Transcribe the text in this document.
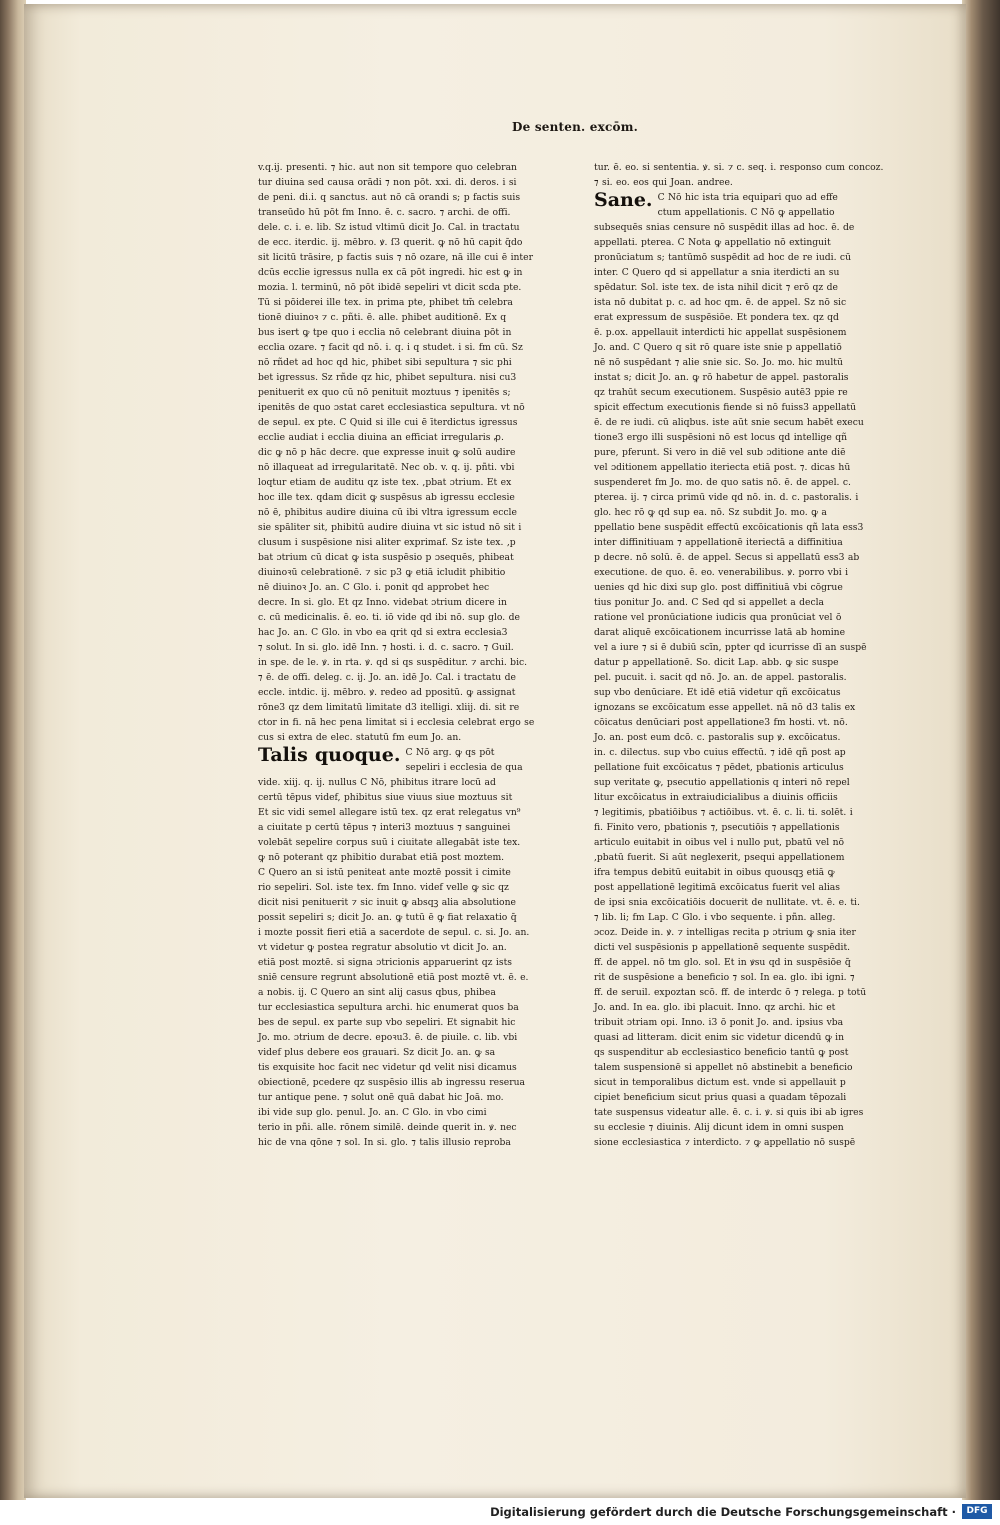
De senten. excōm.
v.q.ij. presenti. ⁊ hic. aut non sit tempore quo celebran
tur diuina sed causa orādi ⁊ non pōt. xxi. di. deros. i si
de peni. di.i. q sanctus. aut nō cā orandi s; p factis suis
transeūdo hū pōt fm Inno. ē. c. sacro. ⁊ archi. de offi.
dele. c. i. e. lib. Sz istud vltimū dicit Jo. Cal. in tractatu
de ecc. iterdic. ij. mēbro. ꝟ. ſ3 querit. ꝙ nō hū capit q̄do
sit licitū trāsire, p factis suis ⁊ nō ozare, nā ille cui ē inter
dcūs ecclie igressus nulla ex cā pōt ingredi. hic est ꝙ in
mozia. l. terminū, nō pōt ibidē sepeliri vt dicit scda pte.
Tū si pōiderei ille tex. in prima pte, phibet tm̄ celebra
tionē diuinoꝛ ⁊ c. pñti. ē. alle. phibet auditionē. Ex q
bus isert ꝙ tpe quo i ecclia nō celebrant diuina pōt in
ecclia ozare. ⁊ facit qd nō. i. q. i q studet. i si. fm cū. Sz
nō rñdet ad hoc qd hic, phibet sibi sepultura ⁊ sic phi
bet igressus. Sz rñde qz hic, phibet sepultura. nisi cu3
penituerit ex quo cū nō penituit moztuus ⁊ ipenitēs s;
ipenitēs de quo ɔstat caret ecclesiastica sepultura. vt nō
de sepul. ex pte. C Quid si ille cui ē īterdictus igressus
ecclie audiat i ecclia diuina an efficiat irregularis ꝓ.
dic ꝙ nō p hāc decre. que expresse inuit ꝙ solū audire
nō illaqueat ad irregularitatē. Nec ob. v. q. ij. pñti. vbi
loqtur etiam de auditu qz iste tex. ,pbat ɔtrium. Et ex
hoc ille tex. qdam dicit ꝙ suspēsus ab igressu ecclesie
nō ē, phibitus audire diuina cū ibi vltra igressum eccle
sie spāliter sit, phibitū audire diuina vt sic istud nō sit i
clusum i suspēsione nisi aliter exprimaf. Sz iste tex. ,p
bat ɔtrium cū dicat ꝙ ista suspēsio p ɔsequēs, phibeat
diuinoꝛū celebrationē. ⁊ sic p3 ꝙ etiā icludit phibitio
nē diuinoꝛ Jo. an. C Glo. i. ponit qd approbet hec
decre. In si. glo. Et qz Inno. videbat ɔtrium dicere in
c. cū medicinalis. ē. eo. ti. iō vide qd ibi nō. sup glo. de
hac Jo. an. C Glo. in vbo ea qrit qd si extra ecclesia3
⁊ solut. In si. glo. idē Inn. ⁊ hosti. i. d. c. sacro. ⁊ Guil.
in spe. de le. ꝟ. in rta. ꝟ. qd si qs suspēditur. ⁊ archi. bic.
⁊ ē. de offi. deleg. c. ij. Jo. an. idē Jo. Cal. i tractatu de
eccle. intdic. ij. mēbro. ꝟ. redeo ad ppositū. ꝙ assignat
rōne3 qz dem limitatū limitate d3 itelligi. xliij. di. sit re
ctor in fi. nā hec pena limitat si i ecclesia celebrat ergo se
cus si extra de elec. statutū fm eum Jo. an.
Talis quoque. C Nō arg. ꝙ qs pōt
sepeliri i ecclesia de qua
vide. xiij. q. ij. nullus C Nō, phibitus itrare locū ad
certū tēpus videf, phibitus siue viuus siue moztuus sit
Et sic vidi semel allegare istū tex. qz erat relegatus vn⁹
a ciuitate p certū tēpus ⁊ interi3 moztuus ⁊ sanguinei
volebāt sepelire corpus suū i ciuitate allegabāt iste tex.
ꝙ nō poterant qz phibitio durabat etiā post moztem.
C Quero an si istū peniteat ante moztē possit i cimite
rio sepeliri. Sol. iste tex. fm Inno. videf velle ꝙ sic qz
dicit nisi penituerit ⁊ sic inuit ꝙ absqꝫ alia absolutione
possit sepeliri s; dicit Jo. an. ꝙ tutū ē ꝙ fiat relaxatio q̄
i mozte possit fieri etiā a sacerdote de sepul. c. si. Jo. an.
vt videtur ꝙ postea regratur absolutio vt dicit Jo. an.
etiā post moztē. si signa ɔtricionis apparuerint qz ists
sniē censure regrunt absolutionē etiā post moztē vt. ē. e.
a nobis. ij. C Quero an sint alij casus qbus, phibea
tur ecclesiastica sepultura archi. hic enumerat quos ba
bes de sepul. ex parte sup vbo sepeliri. Et signabit hic
Jo. mo. ɔtrium de decre. epoꝛu3. ē. de piuile. c. lib. vbi
videf plus debere eos grauari. Sz dicit Jo. an. ꝙ sa
tis exquisite hoc facit nec videtur qd velit nisi dicamus
obiectionē, pcedere qz suspēsio illis ab ingressu reserua
tur antique pene. ⁊ solut onē quā dabat hic Joā. mo.
ibi vide sup glo. penul. Jo. an. C Glo. in vbo cimi
terio in pñi. alle. rōnem similē. deinde querit in. ꝟ. nec
hic de vna qōne ⁊ sol. In si. glo. ⁊ talis illusio reproba
tur. ē. eo. si sententia. ꝟ. si. ⁊ c. seq. i. responso cum concoz.
⁊ si. eo. eos qui Joan. andree.
Sane. C Nō hic ista tria equipari quo ad effe
ctum appellationis. C Nō ꝙ appellatio
subsequēs snias censure nō suspēdit illas ad hoc. ē. de
appellati. pterea. C Nota ꝙ appellatio nō extinguit
pronūciatum s; tantūmō suspēdit ad hoc de re iudi. cū
inter. C Quero qd si appellatur a snia iterdicti an su
spēdatur. Sol. iste tex. de ista nihil dicit ⁊ erō qz de
ista nō dubitat p. c. ad hoc qm. ē. de appel. Sz nō sic
erat expressum de suspēsiōe. Et pondera tex. qz qd
ē. p.ox. appellauit interdicti hic appellat suspēsionem
Jo. and. C Quero q sit rō quare iste snie p appellatiō
nē nō suspēdant ⁊ alie snie sic. So. Jo. mo. hic multū
instat s; dicit Jo. an. ꝙ rō habetur de appel. pastoralis
qz trahūt secum executionem. Suspēsio autē3 ppie re
spicit effectum executionis fiende si nō fuiss3 appellatū
ē. de re iudi. cū aliqbus. iste aūt snie secum habēt execu
tione3 ergo illi suspēsioni nō est locus qd intellige qñ
pure, pferunt. Si vero in diē vel sub ɔditione ante diē
vel ɔditionem appellatio iteriecta etiā post. ⁊. dicas hū
suspenderet fm Jo. mo. de quo satis nō. ē. de appel. c.
pterea. ij. ⁊ circa primū vide qd nō. in. d. c. pastoralis. i
glo. hec rō ꝙ qd sup ea. nō. Sz subdit Jo. mo. ꝙ a
ppellatio bene suspēdit effectū excōicationis qñ lata ess3
inter diffinitiuam ⁊ appellationē iteriectā a diffinitiua
p decre. nō solū. ē. de appel. Secus si appellatū ess3 ab
executione. de quo. ē. eo. venerabilibus. ꝟ. porro vbi i
uenies qd hic dixi sup glo. post diffinitiuā vbi cōgrue
tius ponitur Jo. and. C Sed qd si appellet a decla
ratione vel pronūciatione iudicis qua pronūciat vel ō
darat aliquē excōicationem incurrisse latā ab homine
vel a iure ⁊ si ē dubiū scīn, ppter qd icurrisse dī an suspē
datur p appellationē. So. dicit Lap. abb. ꝙ sic suspe
pel. pucuit. i. sacit qd nō. Jo. an. de appel. pastoralis.
sup vbo denūciare. Et idē etiā videtur qñ excōicatus
ignozans se excōicatum esse appellet. nā nō d3 talis ex
cōicatus denūciari post appellatione3 fm hosti. vt. nō.
Jo. an. post eum dcō. c. pastoralis sup ꝟ. excōicatus.
in. c. dilectus. sup vbo cuius effectū. ⁊ idē qñ post ap
pellatione fuit excōicatus ⁊ pēdet, pbationis articulus
sup veritate ꝙ, psecutio appellationis q interi nō repel
litur excōicatus in extraiudicialibus a diuinis officiis
⁊ legitimis, pbatiōibus ⁊ actiōibus. vt. ē. c. li. ti. solēt. i
fi. Finito vero, pbationis ⁊, psecutiōis ⁊ appellationis
articulo euitabit in oibus vel i nullo put, pbatū vel nō
,pbatū fuerit. Si aūt neglexerit, psequi appellationem
ifra tempus debitū euitabit in oibus quousqꝫ etiā ꝙ
post appellationē legitimā excōicatus fuerit vel alias
de ipsi snia excōicatiōis docuerit de nullitate. vt. ē. e. ti.
⁊ lib. li; fm Lap. C Glo. i vbo sequente. i pñn. alleg.
ɔcoz. Deide in. ꝟ. ⁊ intelligas recita p ɔtrium ꝙ snia iter
dicti vel suspēsionis p appellationē sequente suspēdit.
ff. de appel. nō tm glo. sol. Et in ꝟsu qd in suspēsiōe q̄
rit de suspēsione a beneficio ⁊ sol. In ea. glo. ibi igni. ⁊
ff. de seruil. expoztan scō. ff. de interdc ō ⁊ relega. p totū
Jo. and. In ea. glo. ibi placuit. Inno. qz archi. hic et
tribuit ɔtriam opi. Inno. i3 ō ponit Jo. and. ipsius vba
quasi ad litteram. dicit enim sic videtur dicendū ꝙ in
qs suspenditur ab ecclesiastico beneficio tantū ꝙ post
talem suspensionē si appellet nō abstinebit a beneficio
sicut in temporalibus dictum est. vnde si appellauit p
cipiet beneficium sicut prius quasi a quadam tēpozali
tate suspensus videatur alle. ē. c. i. ꝟ. si quis ibi ab igres
su ecclesie ⁊ diuinis. Alij dicunt idem in omni suspen
sione ecclesiastica ⁊ interdicto. ⁊ ꝙ appellatio nō suspē
Digitalisierung gefördert durch die Deutsche Forschungsgemeinschaft ·	DFG
